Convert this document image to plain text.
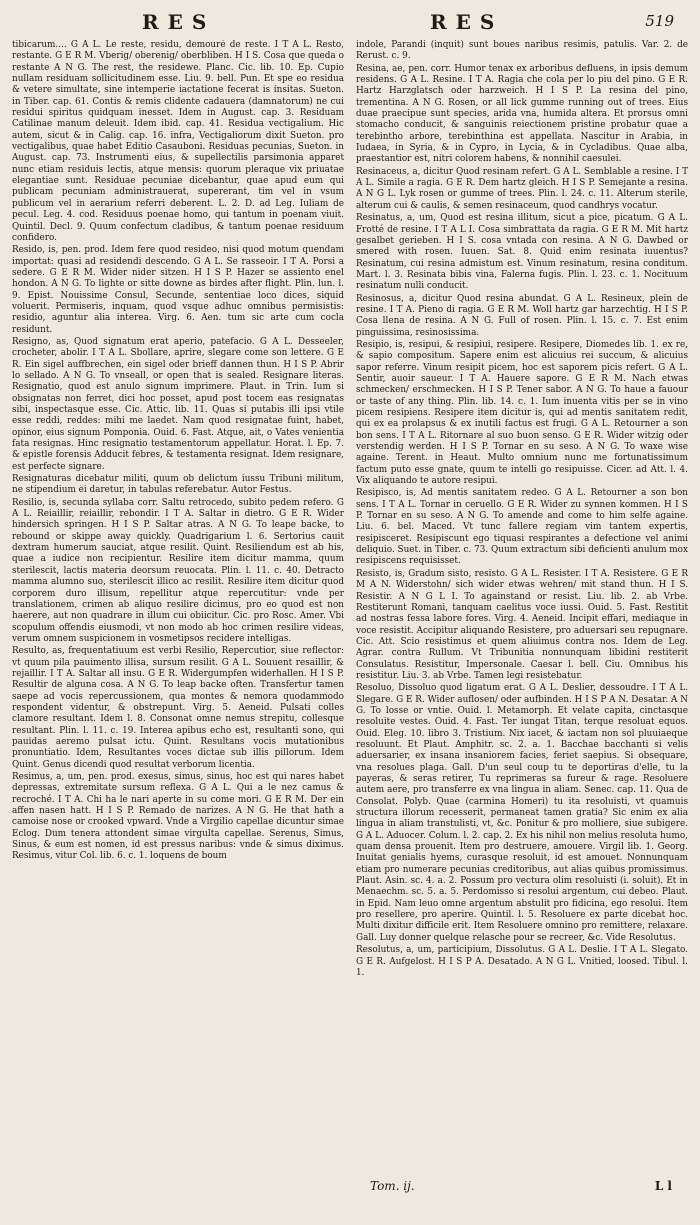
RES	RES	519

tibicarum.... G A L. Le reste, residu, demouré de reste. I T A L. Resto, restante. G E R M. Vberig/ oberenig/ oberbliben. H I S. Cosa que queda o restante A N G. The rest, the residewe. Planc. Cic. lib. 10. Ep. Cupio nullam residuam sollicitudinem esse. Liu. 9. bell. Pun. Et spe eo residua & vetere simultate, sine intemperie iactatione fecerat is insitas. Sueton. in Tiber. cap. 61. Contis & remis clidente cadauera (damnatorum) ne cui residui spiritus quidquam inesset. Idem in August. cap. 3. Residuam Catilinae manum deleuit. Idem ibid. cap. 41. Residua vectigalium. Hic autem, sicut & in Calig. cap. 16. infra, Vectigaliorum dixit Sueton. pro vectigalibus, quae habet Editio Casauboni. Residuas pecunias, Sueton. in August. cap. 73. Instrumenti eius, & supellectilis parsimonia apparet nunc etiam residuis lectis, atque mensis: quorum pleraque vix priuatae elegantiae sunt. Residuae pecuniae dicebantur, quae apud eum qui publicam pecuniam administrauerat, supererant, tim vel in vsum publicum vel in aerarium referri deberent. L. 2. D. ad Leg. Iuliam de pecul. Leg. 4. cod. Residuus poenae homo, qui tantum in poenam viuit. Quintil. Decl. 9. Quum confectum cladibus, & tantum poenae residuum confidero.

Resido, is, pen. prod. Idem fere quod resideo, nisi quod motum quendam importat: quasi ad residendi descendo. G A L. Se rasseoir. I T A. Porsi a sedere. G E R M. Wider nider sitzen. H I S P. Hazer se assiento enel hondon. A N G. To lighte or sitte downe as birdes after flight. Plin. lun. l. 9. Epist. Nouissime Consul, Secunde, sententiae loco dices, siquid voluerit. Permiseris, inquam, quod vsque adhuc omnibus permisistis: residio, aguntur alia interea. Virg. 6. Aen. tum sic arte cum cocla residunt.

Resigno, as, Quod signatum erat aperio, patefacio. G A L. Desseeler, crocheter, abolir. I T A L. Sbollare, aprire, slegare come son lettere. G E R. Ein sigel auffbrechen, ein sigel oder brieff dannen thun. H I S P. Abrir lo sellado. A N G. To vnseall, or open that is sealed. Resignare literas. Resignatio, quod est anulo signum imprimere. Plaut. in Trin. Ium si obsignatas non ferret, dici hoc posset, apud post tocem eas resignatas sibi, inspectasque esse. Cic. Attic. lib. 11. Quas si putabis illi ipsi vtile esse reddi, reddes: mihi me laedet. Nam quod resignatae fuint, habet, opinor, eius signum Pomponia. Ouid. 6. Fast. Atque, ait, o Vates venientia fata resignas. Hinc resignatio testamentorum appellatur. Horat. l. Ep. 7. & epistle forensis Adducit febres, & testamenta resignat. Idem resignare, est perfecte signare.

Resignaturas dicebatur militi, quum ob delictum iussu Tribuni militum, ne stipendium ei daretur, in tabulas referebatur. Autor Festus.

Resilio, is, secunda syllaba corr. Saltu retrocedo, subito pedem refero. G A L. Reiaillir, reiaillir, rebondir. I T A. Saltar in dietro. G E R. Wider hindersich springen. H I S P. Saltar atras. A N G. To leape backe, to rebound or skippe away quickly. Quadrigarium l. 6. Sertorius cauit dextram humerum sauciat, atque resilit. Quint. Resiliendum est ab his, quae a iudice non recipientur. Resilire item dicitur mamma, quum sterilescit, lactis materia deorsum reuocata. Plin. l. 11. c. 40. Detracto mamma alumno suo, sterilescit illico ac resilit. Resilire item dicitur quod corporem duro illisum, repellitur atque repercutitur: vnde per translationem, crimen ab aliquo resilire dicimus, pro eo quod est non haerere, aut non quadrare in illum cui obiicitur. Cic. pro Rosc. Amer. Vbi scopulum offendis eiusmodi, vt non modo ab hoc crimen resilire videas, verum omnem suspicionem in vosmetipsos recidere intelligas.

Resulto, as, frequentatiuum est verbi Resilio, Repercutior, siue reflector: vt quum pila pauimento illisa, sursum resilit. G A L. Souuent resaillir, & rejaillir. I T A. Saltar all insu. G E R. Widergumpfen widerhallen. H I S P. Resultir de alguna cosa. A N G. To leap backe often. Transfertur tamen saepe ad vocis repercussionem, qua montes & nemora quodammodo respondent videntur, & obstrepunt. Virg. 5. Aeneid. Pulsati colles clamore resultant. Idem l. 8. Consonat omne nemus strepitu, collesque resultant. Plin. l. 11. c. 19. Interea apibus echo est, resultanti sono, qui pauidas aeremo pulsat ictu. Quint. Resultans vocis mutationibus pronuntiatio. Idem, Resultantes voces dictae sub illis pillorum. Idem Quint. Genus dicendi quod resultat verborum licentia.

Resimus, a, um, pen. prod. exesus, simus, sinus, hoc est qui nares habet depressas, extremitate sursum reflexa. G A L. Qui a le nez camus & recroché. I T A. Chi ha le nari aperte in su come mori. G E R M. Der ein affen nasen hatt. H I S P. Remado de narizes. A N G. He that hath a camoise nose or crooked vpward. Vnde a Virgilio capellae dicuntur simae Eclog. Dum tenera attondent simae virgulta capellae. Serenus, Simus, Sinus, & eum est nomen, id est pressus naribus: vnde & simus diximus. Resimus, vitur Col. lib. 6. c. 1. loquens de boum

indole, Parandi (inquit) sunt boues naribus resimis, patulis. Var. 2. de Rerust. c. 9.

Resina, ae, pen. corr. Humor tenax ex arboribus defluens, in ipsis demum residens. G A L. Resine. I T A. Ragia che cola per lo piu del pino. G E R. Hartz Harzglatsch oder harzweich. H I S P. La resina del pino, trementina. A N G. Rosen, or all lick gumme running out of trees. Eius duae praecipue sunt species, arida vna, humida altera. Et prorsus omni stomacho conducit, & sanguinis reiectionem pristine probatur quae a terebintho arbore, terebinthina est appellata. Nascitur in Arabia, in Iudaea, in Syria, & in Cypro, in Lycia, & in Cycladibus. Quae alba, praestantior est, nitri colorem habens, & nonnihil caesulei.

Resinaceus, a, dicitur Quod resinam refert. G A L. Semblable a resine. I T A L. Simile a ragia. G E R. Dem hartz gleich. H I S P. Semejante a resina. A N G L. Lyk rosen or gumme of trees. Plin. l. 24. c. 11. Alterum sterile, alterum cui & caulis, & semen resinaceum, quod candhrys vocatur.

Resinatus, a, um, Quod est resina illitum, sicut a pice, picatum. G A L. Frotté de resine. I T A L I. Cosa simbrattata da ragia. G E R M. Mit hartz gesalbet gerieben. H I S. cosa vntada con resina. A N G. Dawbed or smered with rosen. Iuuen. Sat. 8. Quid enim resinata iuuentus? Resinatum, cui resina admistum est. Vinum resinatum, resina conditum. Mart. l. 3. Resinata bibis vina, Falerna fugis. Plin. l. 23. c. 1. Nocituum resinatum nulli conducit.

Resinosus, a, dicitur Quod resina abundat. G A L. Resineux, plein de resine. I T A. Pieno di ragia. G E R M. Woll hartz gar harzechtig. H I S P. Cosa llena de resina. A N G. Full of rosen. Plin. l. 15. c. 7. Est enim pinguissima, resinosissima.

Resipio, is, resipui, & resipiui, resipere. Resipere, Diomedes lib. 1. ex re, & sapio compositum. Sapere enim est alicuius rei succum, & alicuius sapor referre. Vinum resipit picem, hoc est saporem picis refert. G A L. Sentir, auoir saueur. I T A. Hauere sapore. G E R M. Nach etwas schmecken/ erschmecken. H I S P. Tener sabor. A N G. To haue a fauour or taste of any thing. Plin. lib. 14. c. 1. Ium inuenta vitis per se in vino picem resipiens. Resipere item dicitur is, qui ad mentis sanitatem redit, qui ex ea prolapsus & ex inutili factus est frugi. G A L. Retourner a son bon sens. I T A L. Ritornare al suo buon senso. G E R. Wider witzig oder verstendig werden. H I S P. Tornar en su seso. A N G. To waxe wise againe. Terent. in Heaut. Multo omnium nunc me fortunatissimum factum puto esse gnate, quum te intelli go resipuisse. Cicer. ad Att. l. 4. Vix aliquando te autore resipui.

Resipisco, is, Ad mentis sanitatem redeo. G A L. Retourner a son bon sens. I T A L. Tornar in ceruello. G E R. Wider zu synnen kommen. H I S P. Tornar en su seso. A N G. To amende and come to him selfe againe. Liu. 6. bel. Maced. Vt tunc fallere regiam vim tantem expertis, resipisceret. Resipiscunt ego tiquasi respirantes a defectione vel animi deliquio. Suet. in Tiber. c. 73. Quum extractum sibi deficienti anulum mox resipiscens requisisset.

Resisto, is, Gradum sisto, resisto. G A L. Resister. I T A. Resistere. G E R M A N. Widerstohn/ sich wider etwas wehren/ mit stand thun. H I S. Resistir. A N G L I. To againstand or resist. Liu. lib. 2. ab Vrbe. Restiterunt Romani, tanquam caelitus voce iussi. Ouid. 5. Fast. Restitit ad nostras fessa labore fores. Virg. 4. Aeneid. Incipit effari, mediaque in voce resistit. Accipitur aliquando Resistere, pro aduersari seu repugnare. Cic. Att. Scio resistimus et quem aliuimus contra nos. Idem de Leg. Agrar. contra Rullum. Vt Tribunitia nonnunquam libidini restiterit Consulatus. Resistitur, Impersonale. Caesar l. bell. Ciu. Omnibus his resistitur. Liu. 3. ab Vrbe. Tamen legi resistebatur.

Resoluo, Dissoluo quod ligatum erat. G A L. Deslier, dessoudre. I T A L. Slegare. G E R. Wider auflosen/ oder aufbinden. H I S P A N. Desatar. A N G. To losse or vntie. Ouid. l. Metamorph. Et velate capita, cinctasque resoluite vestes. Ouid. 4. Fast. Ter iungat Titan, terque resoluat equos. Ouid. Eleg. 10. libro 3. Tristium. Nix iacet, & iactam non sol pluuiaeque resoluunt. Et Plaut. Amphitr. sc. 2. a. 1. Bacchae bacchanti si velis aduersarier, ex insana insaniorem facies, feriet saepius. Si obsequare, vna resolues plaga. Gall. D'un seul coup tu te deportiras d'elle, tu la payeras, & seras retirer, Tu reprimeras sa fureur & rage. Resoluere autem aere, pro transferre ex vna lingua in aliam. Senec. cap. 11. Qua de Consolat. Polyb. Quae (carmina Homeri) tu ita resoluisti, vt quamuis structura illorum recesserit, permaneat tamen gratia? Sic enim ex alia lingua in aliam transtulisti, vt, &c. Ponitur & pro molliere, siue subigere. G A L. Aduocer. Colum. l. 2. cap. 2. Ex his nihil non melius resoluta humo, quam densa prouenit. Item pro destruere, amouere. Virgil lib. 1. Georg. Inuitat genialis hyems, curasque resoluit, id est amouet. Nonnunquam etiam pro numerare pecunias creditoribus, aut alias quibus promissimus. Plaut. Asin. sc. 4. a. 2. Possum pro vectura olim resoluisti (i. soluit). Et in Menaechm. sc. 5. a. 5. Perdomisso si resolui argentum, cui debeo. Plaut. in Epid. Nam leuo omne argentum abstulit pro fidicina, ego resolui. Item pro resellere, pro aperire. Quintil. l. 5. Resoluere ex parte dicebat hoc. Multi dixitur difficile erit. Item Resoluere omnino pro remittere, relaxare. Gall. Luy donner quelque relasche pour se recreer, &c. Vide Resolutus.

Resolutus, a, um, participium, Dissolutus. G A L. Deslie. I T A L. Slegato. G E R. Aufgelost. H I S P A. Desatado. A N G L. Vnitied, loosed. Tibul. l. 1.

Tom. ij.	L l
